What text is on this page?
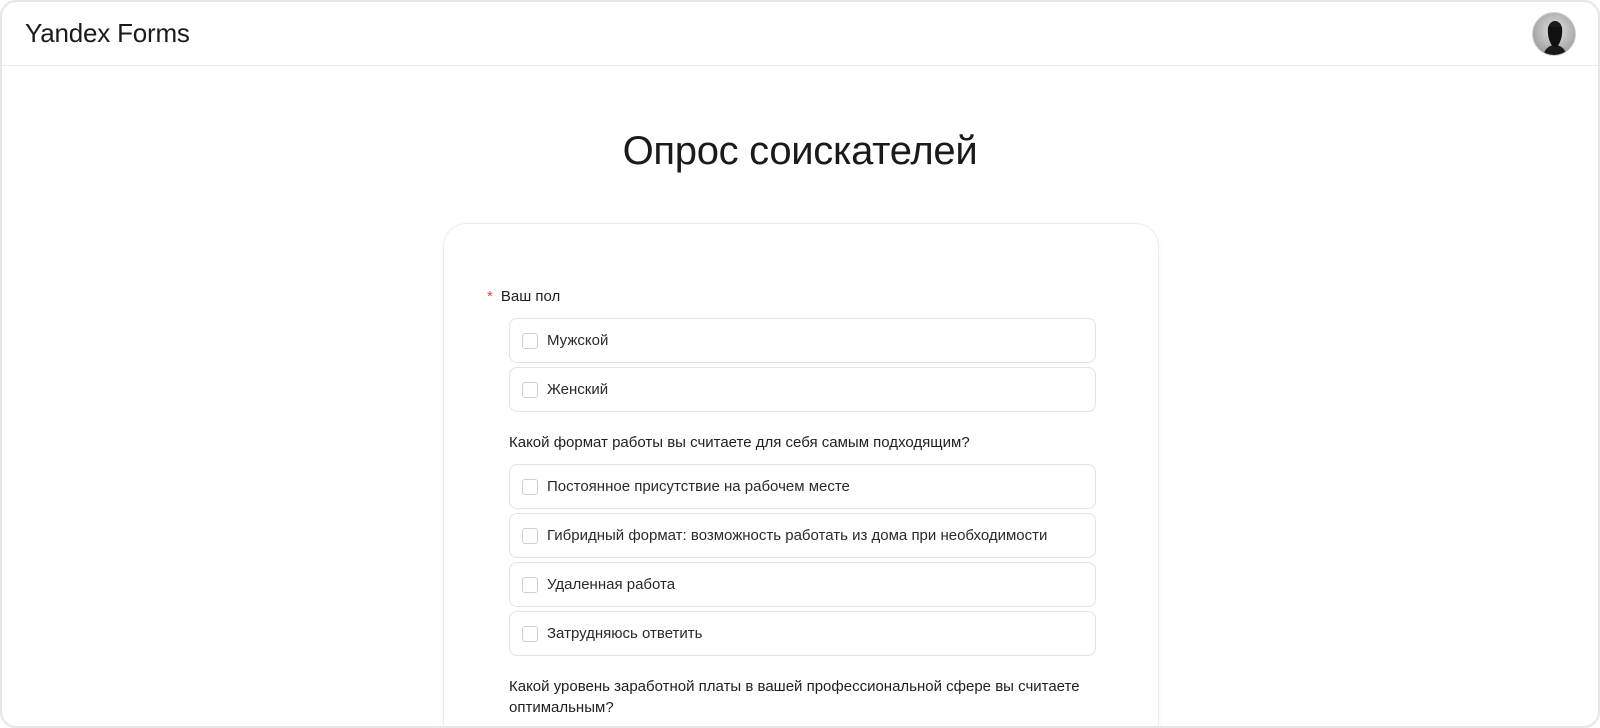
Yandex Forms
Опрос соискателей
* Ваш пол
Мужской
Женский
Какой формат работы вы считаете для себя самым подходящим?
Постоянное присутствие на рабочем месте
Гибридный формат: возможность работать из дома при необходимости
Удаленная работа
Затрудняюсь ответить
Какой уровень заработной платы в вашей профессиональной сфере вы считаете оптимальным?
